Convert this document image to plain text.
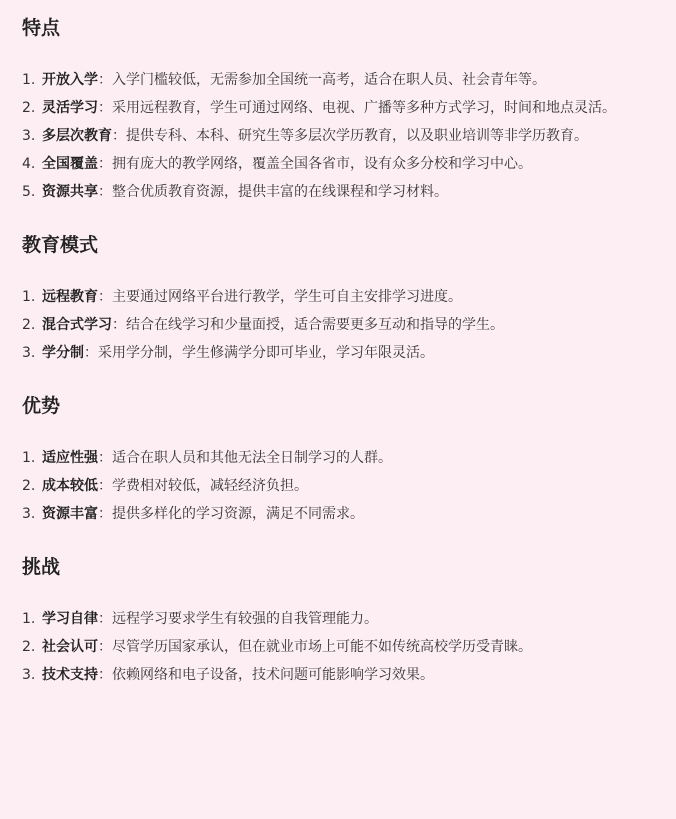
特点
1. 开放入学：入学门槛较低，无需参加全国统一高考，适合在职人员、社会青年等。
2. 灵活学习：采用远程教育，学生可通过网络、电视、广播等多种方式学习，时间和地点灵活。
3. 多层次教育：提供专科、本科、研究生等多层次学历教育，以及职业培训等非学历教育。
4. 全国覆盖：拥有庞大的教学网络，覆盖全国各省市，设有众多分校和学习中心。
5. 资源共享：整合优质教育资源，提供丰富的在线课程和学习材料。
教育模式
1. 远程教育：主要通过网络平台进行教学，学生可自主安排学习进度。
2. 混合式学习：结合在线学习和少量面授，适合需要更多互动和指导的学生。
3. 学分制：采用学分制，学生修满学分即可毕业，学习年限灵活。
优势
1. 适应性强：适合在职人员和其他无法全日制学习的人群。
2. 成本较低：学费相对较低，减轻经济负担。
3. 资源丰富：提供多样化的学习资源，满足不同需求。
挑战
1. 学习自律：远程学习要求学生有较强的自我管理能力。
2. 社会认可：尽管学历国家承认，但在就业市场上可能不如传统高校学历受青睐。
3. 技术支持：依赖网络和电子设备，技术问题可能影响学习效果。
